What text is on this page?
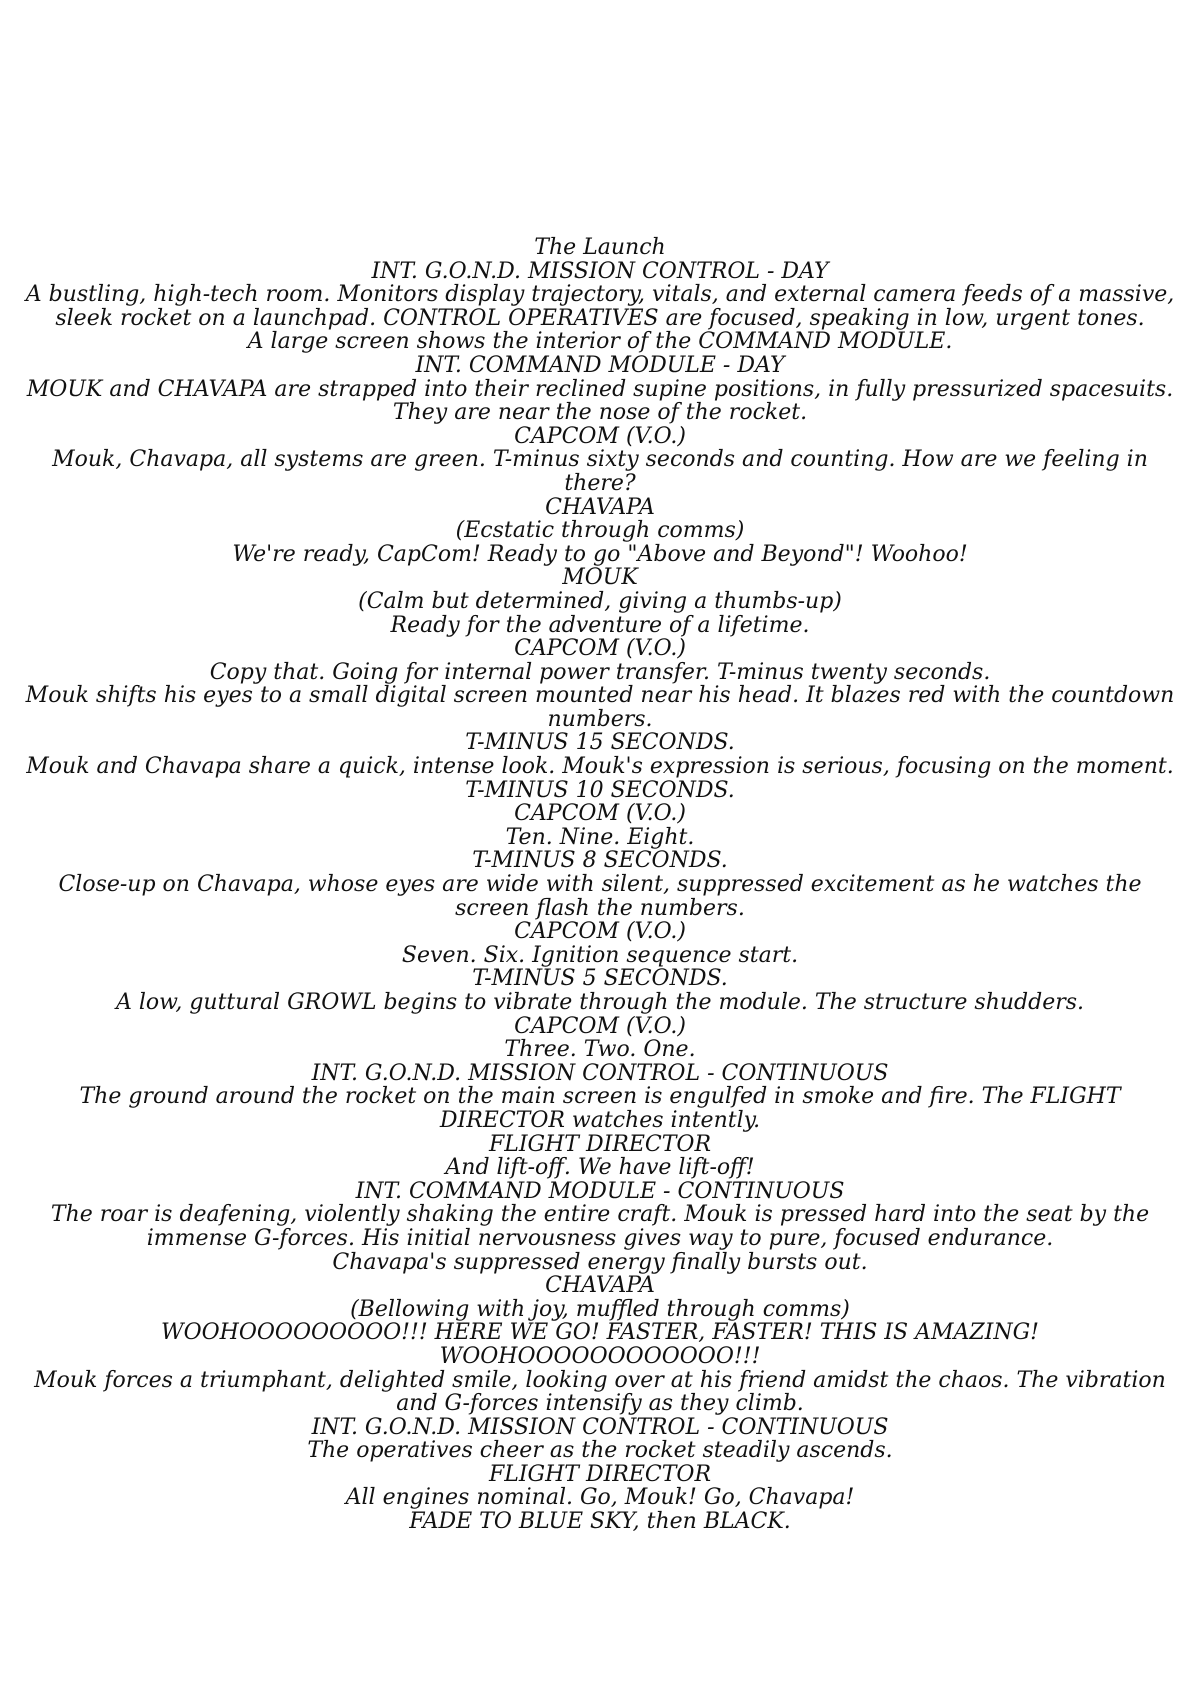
The Launch

INT. G.O.N.D. MISSION CONTROL - DAY

A bustling, high-tech room. Monitors display trajectory, vitals, and external camera feeds of a massive, sleek rocket on a launchpad. CONTROL OPERATIVES are focused, speaking in low, urgent tones.

A large screen shows the interior of the COMMAND MODULE.

INT. COMMAND MODULE - DAY

MOUK and CHAVAPA are strapped into their reclined supine positions, in fully pressurized spacesuits. They are near the nose of the rocket.

CAPCOM (V.O.)

Mouk, Chavapa, all systems are green. T-minus sixty seconds and counting. How are we feeling in there?

CHAVAPA

(Ecstatic through comms)

We're ready, CapCom! Ready to go "Above and Beyond"! Woohoo!

MOUK

(Calm but determined, giving a thumbs-up)

Ready for the adventure of a lifetime.

CAPCOM (V.O.)

Copy that. Going for internal power transfer. T-minus twenty seconds.

Mouk shifts his eyes to a small digital screen mounted near his head. It blazes red with the countdown numbers.

T-MINUS 15 SECONDS.

Mouk and Chavapa share a quick, intense look. Mouk's expression is serious, focusing on the moment.

T-MINUS 10 SECONDS.

CAPCOM (V.O.)

Ten. Nine. Eight.

T-MINUS 8 SECONDS.

Close-up on Chavapa, whose eyes are wide with silent, suppressed excitement as he watches the screen flash the numbers.

CAPCOM (V.O.)

Seven. Six. Ignition sequence start.

T-MINUS 5 SECONDS.

A low, guttural GROWL begins to vibrate through the module. The structure shudders.

CAPCOM (V.O.)

Three. Two. One.

INT. G.O.N.D. MISSION CONTROL - CONTINUOUS

The ground around the rocket on the main screen is engulfed in smoke and fire. The FLIGHT DIRECTOR watches intently.

FLIGHT DIRECTOR

And lift-off. We have lift-off!

INT. COMMAND MODULE - CONTINUOUS

The roar is deafening, violently shaking the entire craft. Mouk is pressed hard into the seat by the immense G-forces. His initial nervousness gives way to pure, focused endurance.

Chavapa's suppressed energy finally bursts out.

CHAVAPA

(Bellowing with joy, muffled through comms)

WOOHOOOOOOOOO!!! HERE WE GO! FASTER, FASTER! THIS IS AMAZING! WOOHOOOOOOOOOOOO!!!

Mouk forces a triumphant, delighted smile, looking over at his friend amidst the chaos. The vibration and G-forces intensify as they climb.

INT. G.O.N.D. MISSION CONTROL - CONTINUOUS

The operatives cheer as the rocket steadily ascends.

FLIGHT DIRECTOR

All engines nominal. Go, Mouk! Go, Chavapa!

FADE TO BLUE SKY, then BLACK.
